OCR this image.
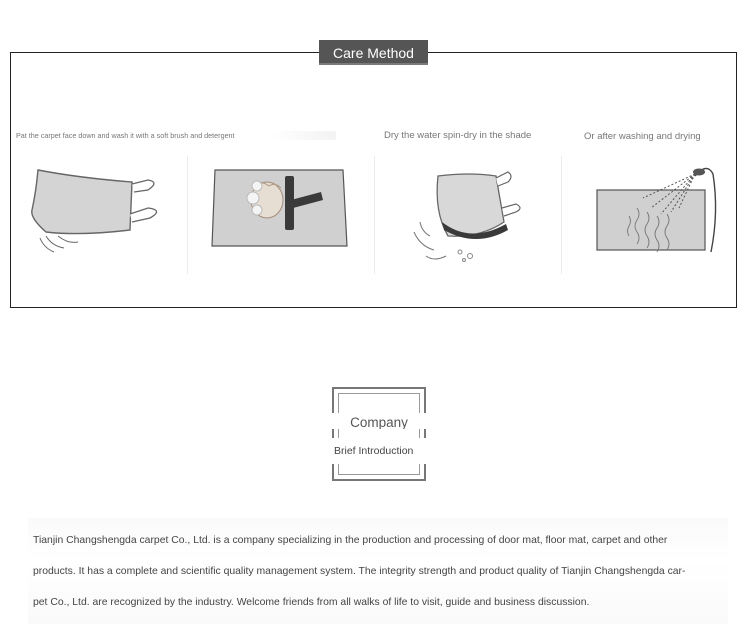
Care Method
Pat the carpet face down and wash it with a soft brush and detergent	Dry the water spin-dry in the shade	Or after washing and drying
Company
Brief Introduction
Tianjin Changshengda carpet Co., Ltd. is a company specializing in the production and processing of door mat, floor mat, carpet and other
products. It has a complete and scientific quality management system. The integrity strength and product quality of Tianjin Changshengda car-
pet Co., Ltd. are recognized by the industry. Welcome friends from all walks of life to visit, guide and business discussion.
